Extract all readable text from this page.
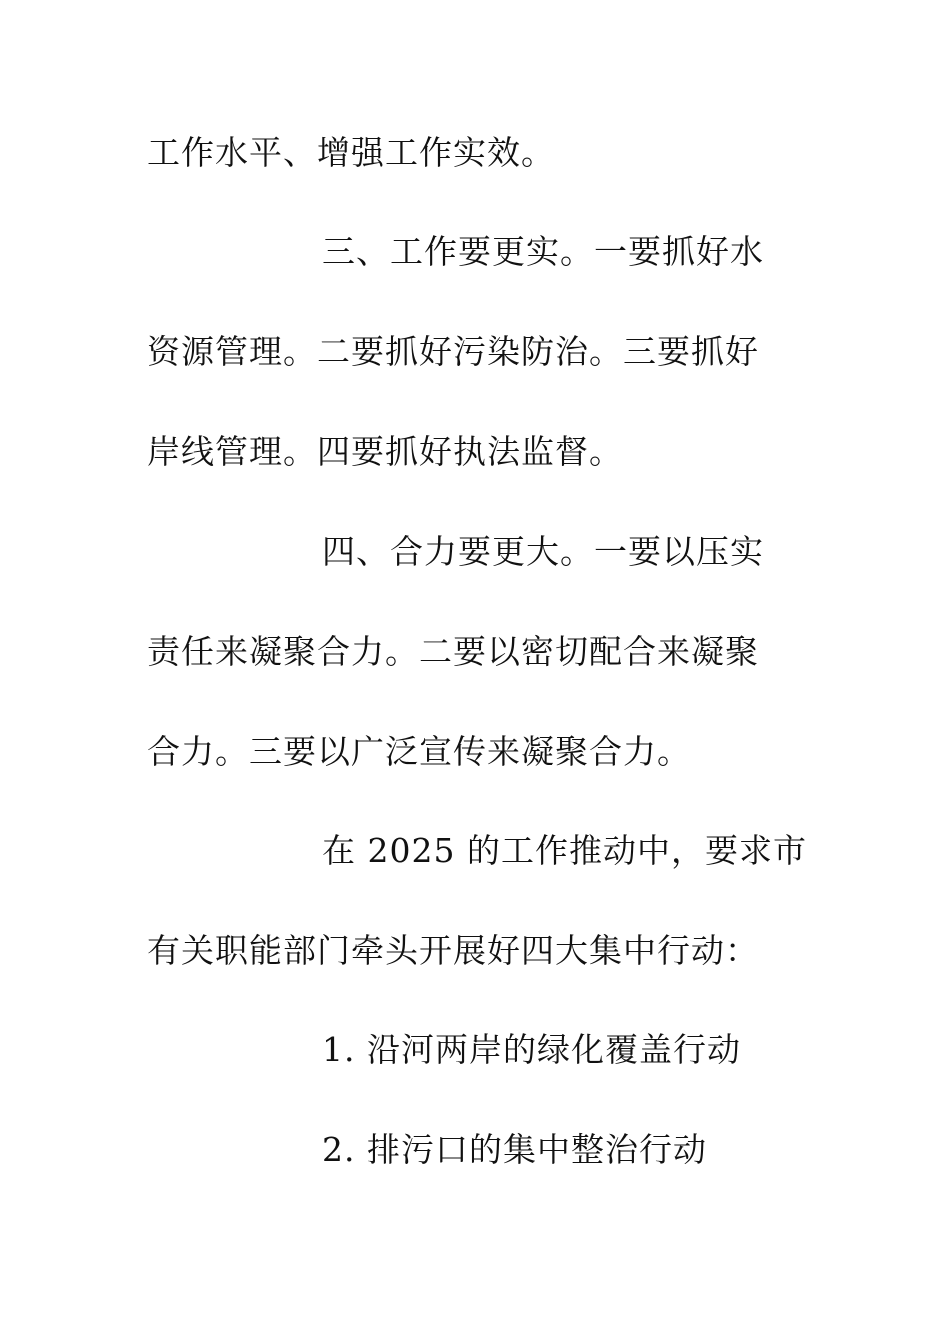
工作水平、增强工作实效。
三、工作要更实。一要抓好水
资源管理。二要抓好污染防治。三要抓好
岸线管理。四要抓好执法监督。
四、合力要更大。一要以压实
责任来凝聚合力。二要以密切配合来凝聚
合力。三要以广泛宣传来凝聚合力。
在 2025 的工作推动中，要求市
有关职能部门牵头开展好四大集中行动：
1. 沿河两岸的绿化覆盖行动
2. 排污口的集中整治行动
